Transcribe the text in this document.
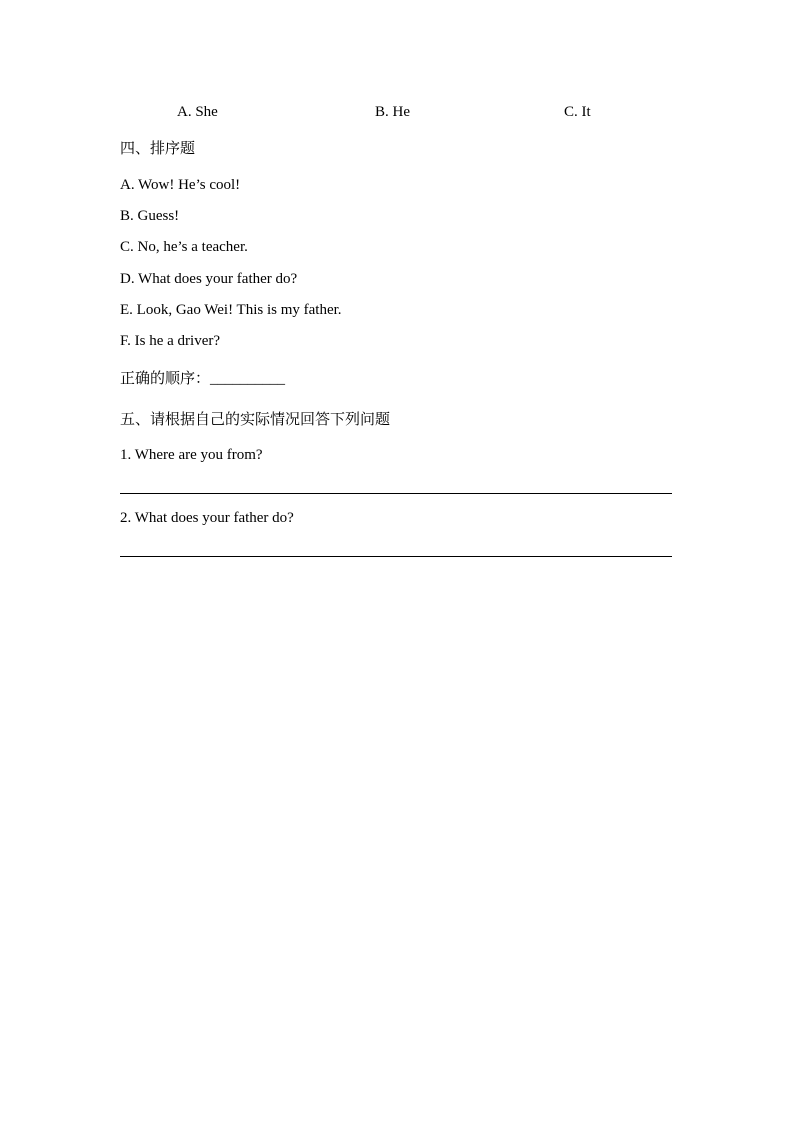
A. She	B. He	C. It
四、排序题
A. Wow! He’s cool!
B. Guess!
C. No, he’s a teacher.
D. What does your father do?
E. Look, Gao Wei! This is my father.
F. Is he a driver?
正确的顺序：__________
五、请根据自己的实际情况回答下列问题
1. Where are you from?
2. What does your father do?
